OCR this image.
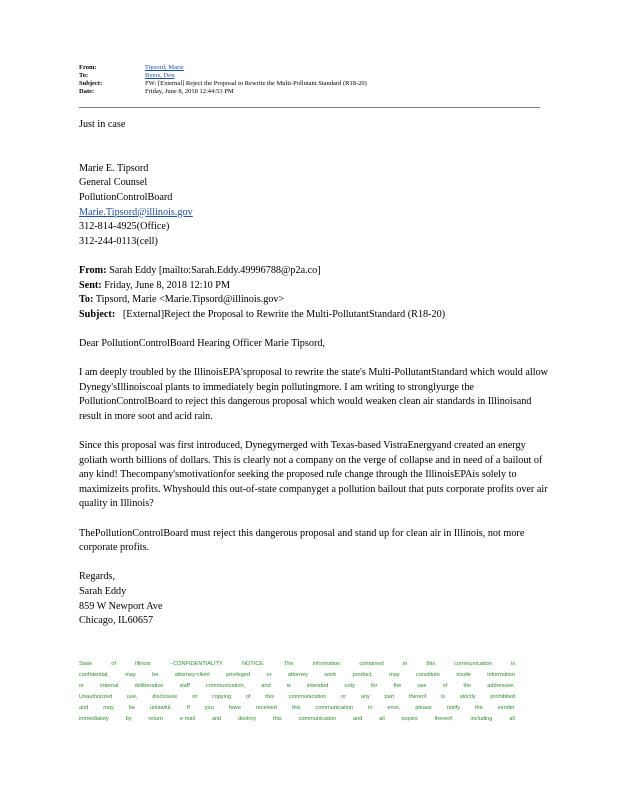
From:	Tipsord, Marie
To:	Byers, Don
Subject:	FW: [External] Reject the Proposal to Rewrite the Multi-Pollutant Standard (R18-20)
Date:	Friday, June 8, 2018 12:44:53 PM

Just in case

Marie E. Tipsord

General Counsel

PollutionControlBoard

Marie.Tipsord@illinois.gov

312-814-4925(Office)

312-244-0113(cell)

From: Sarah Eddy [mailto:Sarah.Eddy.49996788@p2a.co]

Sent: Friday, June 8, 2018 12:10 PM

To: Tipsord, Marie <Marie.Tipsord@illinois.gov>

Subject: [External]Reject the Proposal to Rewrite the Multi-PollutantStandard (R18-20)

Dear PollutionControlBoard Hearing Officer Marie Tipsord,

I am deeply troubled by the IllinoisEPA'sproposal to rewrite the state's Multi-PollutantStandard which would allow Dynegy'sIllinoiscoal plants to immediately begin pollutingmore. I am writing to stronglyurge the PollutionControlBoard to reject this dangerous proposal which would weaken clean air standards in Illinoisand result in more soot and acid rain.

Since this proposal was first introduced, Dynegymerged with Texas-based VistraEnergyand created an energy goliath worth billions of dollars. This is clearly not a company on the verge of collapse and in need of a bailout of any kind! Thecompany'smotivationfor seeking the proposed rule change through the IllinoisEPAis solely to maximizeits profits. Whyshould this out-of-state companyget a pollution bailout that puts corporate profits over air quality in Illinois?

ThePollutionControlBoard must reject this dangerous proposal and stand up for clean air in Illinois, not more corporate profits.

Regards,

Sarah Eddy

859 W Newport Ave

Chicago, IL60657

State	of	Illinois	- CONFIDENTIALITY	NOTICE:	The	information	contained	in	this	communication	is
confidential,	may	be	attorney-client	privileged	or	attorney	work	product,	may	constitute	inside	information
or	internal	deliberative	staff	communication,	and	is	intended	only	for	the	use	of	the	addressee.
Unauthorized	use,	disclosure	or	copying	of	this	communication	or	any	part	thereof	is	strictly	prohibited
and	may	be	unlawful.	If	you	have	received	this	communication	in	error,	please	notify	the	sender
immediately	by	return	e-mail	and	destroy	this	communication	and	all	copies	thereof,	including	all
